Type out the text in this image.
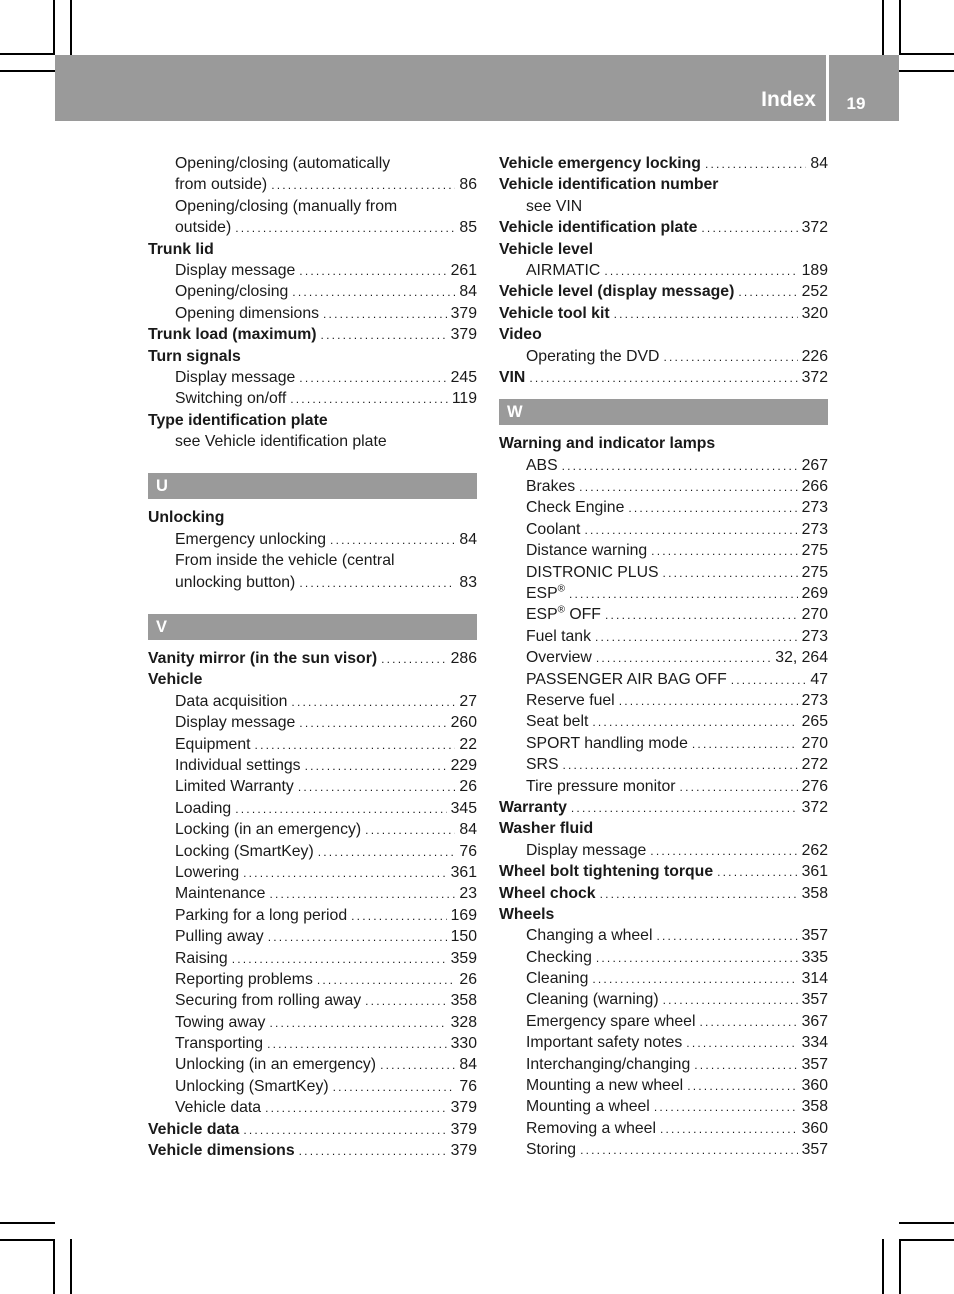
Index	19
Opening/closing (automatically
from outside) .....	86
Opening/closing (manually from
outside) .....	85
Trunk lid
Display message .....	261
Opening/closing .....	84
Opening dimensions .....	379
Trunk load (maximum) .....	379
Turn signals
Display message .....	245
Switching on/off .....	119
Type identification plate
see Vehicle identification plate
U
Unlocking
Emergency unlocking .....	84
From inside the vehicle (central
unlocking button) .....	83
V
Vanity mirror (in the sun visor) .....	286
Vehicle
Data acquisition .....	27
Display message .....	260
Equipment .....	22
Individual settings .....	229
Limited Warranty .....	26
Loading .....	345
Locking (in an emergency) .....	84
Locking (SmartKey) .....	76
Lowering .....	361
Maintenance .....	23
Parking for a long period .....	169
Pulling away .....	150
Raising .....	359
Reporting problems .....	26
Securing from rolling away .....	358
Towing away .....	328
Transporting .....	330
Unlocking (in an emergency) .....	84
Unlocking (SmartKey) .....	76
Vehicle data .....	379
Vehicle data .....	379
Vehicle dimensions .....	379
Vehicle emergency locking .....	84
Vehicle identification number
see VIN
Vehicle identification plate .....	372
Vehicle level
AIRMATIC .....	189
Vehicle level (display message) .....	252
Vehicle tool kit .....	320
Video
Operating the DVD .....	226
VIN .....	372
W
Warning and indicator lamps
ABS .....	267
Brakes .....	266
Check Engine .....	273
Coolant .....	273
Distance warning .....	275
DISTRONIC PLUS .....	275
ESP® .....	269
ESP® OFF .....	270
Fuel tank .....	273
Overview .....	32, 264
PASSENGER AIR BAG OFF .....	47
Reserve fuel .....	273
Seat belt .....	265
SPORT handling mode .....	270
SRS .....	272
Tire pressure monitor .....	276
Warranty .....	372
Washer fluid
Display message .....	262
Wheel bolt tightening torque .....	361
Wheel chock .....	358
Wheels
Changing a wheel .....	357
Checking .....	335
Cleaning .....	314
Cleaning (warning) .....	357
Emergency spare wheel .....	367
Important safety notes .....	334
Interchanging/changing .....	357
Mounting a new wheel .....	360
Mounting a wheel .....	358
Removing a wheel .....	360
Storing .....	357
